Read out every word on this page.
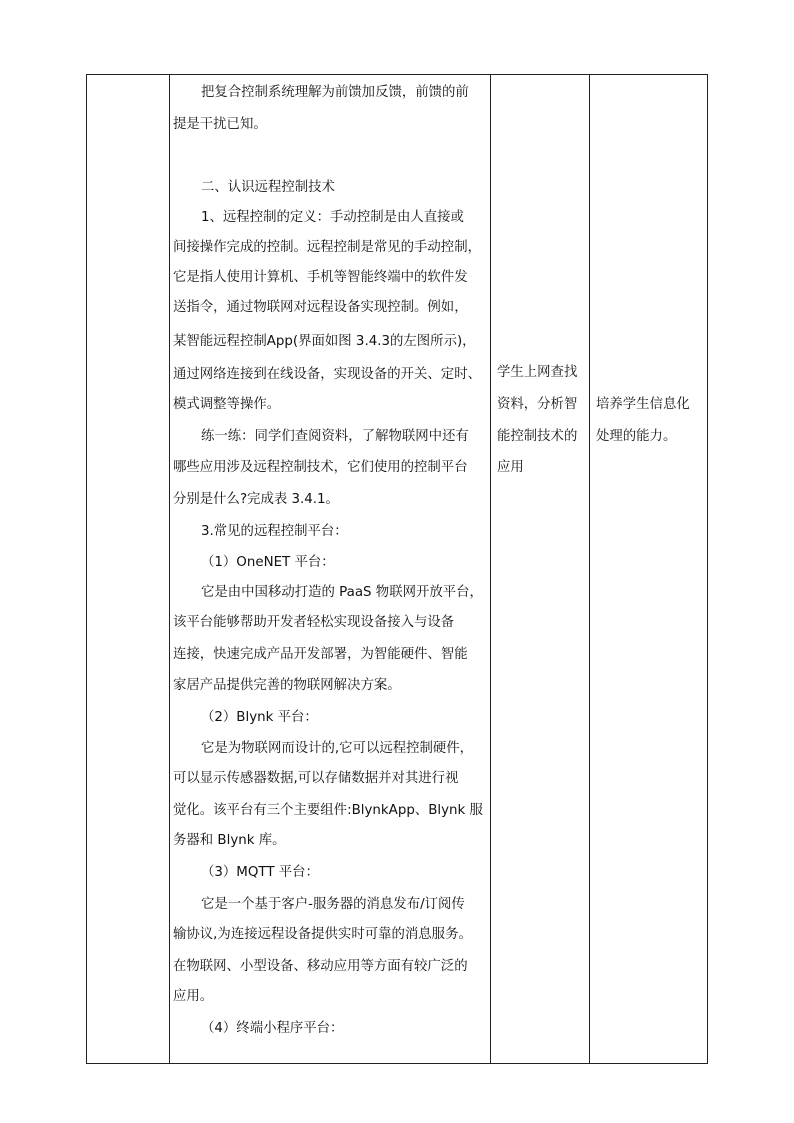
把复合控制系统理解为前馈加反馈，前馈的前
提是干扰已知。
二、认识远程控制技术
1、远程控制的定义：手动控制是由人直接或
间接操作完成的控制。远程控制是常见的手动控制，
它是指人使用计算机、手机等智能终端中的软件发
送指令，通过物联网对远程设备实现控制。例如，
某智能远程控制App(界面如图 3.4.3的左图所示)，
通过网络连接到在线设备，实现设备的开关、定时、
模式调整等操作。
练一练：同学们查阅资料，了解物联网中还有
哪些应用涉及远程控制技术，它们使用的控制平台
分别是什么?完成表 3.4.1。
3.常见的远程控制平台：
（1）OneNET 平台：
它是由中国移动打造的 PaaS 物联网开放平台，
该平台能够帮助开发者轻松实现设备接入与设备
连接，快速完成产品开发部署，为智能硬件、智能
家居产品提供完善的物联网解决方案。
（2）Blynk 平台：
它是为物联网而设计的,它可以远程控制硬件，
可以显示传感器数据,可以存储数据并对其进行视
觉化。该平台有三个主要组件:BlynkApp、Blynk 服
务器和 Blynk 库。
（3）MQTT 平台：
它是一个基于客户-服务器的消息发布/订阅传
输协议,为连接远程设备提供实时可靠的消息服务。
在物联网、小型设备、移动应用等方面有较广泛的
应用。
（4）终端小程序平台：
学生上网查找
资料，分析智
能控制技术的
应用
培养学生信息化
处理的能力。
